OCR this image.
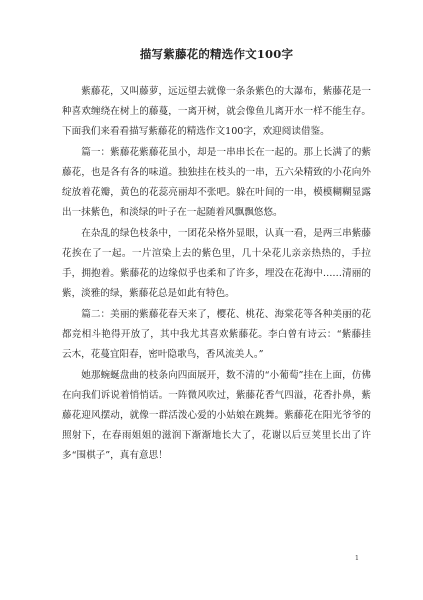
描写紫藤花的精选作文100字

紫藤花，又叫藤萝，远远望去就像一条条紫色的大瀑布，紫藤花是一种喜欢缠绕在树上的藤蔓，一离开树，就会像鱼儿离开水一样不能生存。下面我们来看看描写紫藤花的精选作文100字，欢迎阅读借鉴。

篇一：紫藤花紫藤花虽小，却是一串串长在一起的。那上长满了的紫藤花，也是各有各的味道。独独挂在枝头的一串，五六朵精致的小花向外绽放着花瓣，黄色的花蕊亮丽却不张吧。躲在叶间的一串，模模糊糊显露出一抹紫色，和淡绿的叶子在一起随着风飘飘悠悠。

在杂乱的绿色枝条中，一团花朵格外显眼，认真一看，是两三串紫藤花挨在了一起。一片渲染上去的紫色里，几十朵花儿亲亲热热的，手拉手，拥抱着。紫藤花的边缘似乎也柔和了许多，埋没在花海中……清丽的紫，淡雅的绿，紫藤花总是如此有特色。

篇二：美丽的紫藤花春天来了，樱花、桃花、海棠花等各种美丽的花都竞相斗艳得开放了，其中我尤其喜欢紫藤花。李白曾有诗云：“紫藤挂云木，花蔓宜阳春，密叶隐歌鸟，香风流美人。”

她那蜿蜒盘曲的枝条向四面展开，数不清的“小葡萄”挂在上面，仿佛在向我们诉说着悄悄话。一阵微风吹过，紫藤花香气四溢，花香扑鼻，紫藤花迎风摆动，就像一群活泼心爱的小姑娘在跳舞。紫藤花在阳光爷爷的照射下，在春雨姐姐的滋润下渐渐地长大了，花谢以后豆荚里长出了许多“围棋子”，真有意思！

1
